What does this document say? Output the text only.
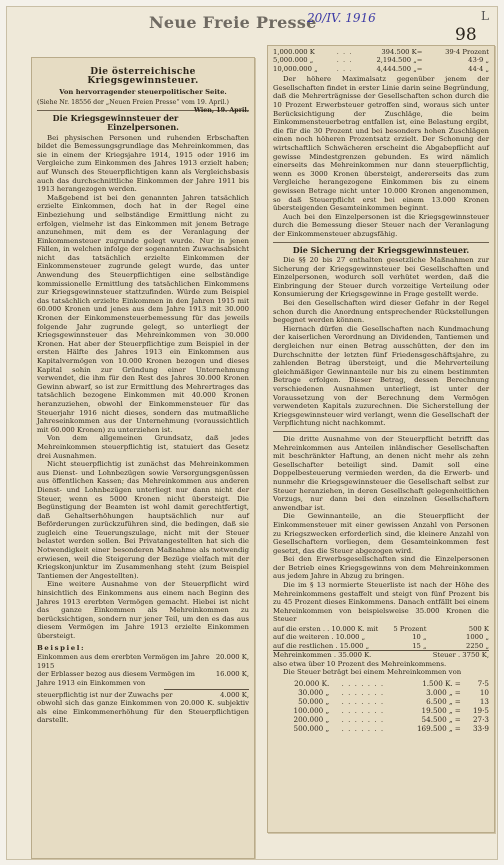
Neue Freie Presse
20/IV. 1916
98
L
Die österreichische Kriegsgewinnsteuer.
Von hervorragender steuerpolitischer Seite.
(Siehe Nr. 18556 der „Neuen Freien Presse“ vom 19. April.)
Wien, 19. April.
Die Kriegsgewinnsteuer der Einzelpersonen.

Bei physischen Personen und ruhenden Erbschaften bildet die Bemessungsgrundlage das Mehreinkommen, das sie in einem der Kriegsjahre 1914, 1915 oder 1916 im Vergleiche zum Einkommen des Jahres 1913 erzielt haben; auf Wunsch des Steuerpflichtigen kann als Vergleichsbasis auch das durchschnittliche Einkommen der Jahre 1911 bis 1913 herangezogen werden.

Maßgebend ist bei den genannten Jahren tatsächlich erzielte Einkommen, doch hat in der Regel eine Einbeziehung und selbständige Ermittlung nicht zu erfolgen, vielmehr ist das Einkommen mit jenem Betrage anzunehmen, mit dem es der Veranlagung der Einkommensteuer zugrunde gelegt wurde. Nur in jenen Fällen, in welchen infolge der sogenannten Zuwachsabsicht nicht das tatsächlich erzielte Einkommen der Einkommensteuer zugrunde gelegt wurde, das unter Anwendung des Steuerpflichtigen eine selbständige kommissionelle Ermittlung des tatsächlichen Einkommens zur Kriegsgewinnsteuer stattzufinden. Würde zum Beispiel das tatsächlich erzielte Einkommen in den Jahren 1915 mit 60.000 Kronen und jenes aus dem Jahre 1913 mit 30.000 Kronen der Einkommensteuerbemessung für das jeweils folgende Jahr zugrunde gelegt, so unterliegt der Kriegsgewinnsteuer das Mehreinkommen von 30.000 Kronen. Hat aber der Steuerpflichtige zum Beispiel in der ersten Hälfte des Jahres 1913 ein Einkommen aus Kapitalvermögen von 10.000 Kronen bezogen und dieses Kapital sohin zur Gründung einer Unternehmung verwendet, die ihm für den Rest des Jahres 30.000 Kronen Gewinn abwarf, so ist zur Ermittlung des Mehrertrages das tatsächlich bezogene Einkommen mit 40.000 Kronen heranzuziehen, obwohl der Einkommensteuer für das Steuerjahr 1916 nicht dieses, sondern das mutmaßliche Jahreseinkommen aus der Unternehmung (voraussichtlich mit 60.000 Kronen) zu unterziehen ist.

Von dem allgemeinen Grundsatz, daß jedes Mehreinkommen steuerpflichtig ist, statuiert das Gesetz drei Ausnahmen.

Nicht steuerpflichtig ist zunächst das Mehreinkommen aus Dienst- und Lohnbezügen sowie Versorgungsgenüssen aus öffentlichen Kassen; das Mehreinkommen aus anderen Dienst- und Lohnbezügen unterliegt nur dann nicht der Steuer, wenn es 5000 Kronen nicht übersteigt. Die Begünstigung der Beamten ist wohl damit gerechtfertigt, daß Gehaltserhöhungen hauptsächlich nur auf Beförderungen zurückzuführen sind, die bedingen, daß sie zugleich eine Teuerungszulage, nicht mit der Steuer belastet werden sollen. Bei Privatangestellten hat sich die Notwendigkeit einer besonderen Maßnahme als notwendig erwiesen, weil die Steigerung der Bezüge vielfach mit der Kriegskonjunktur im Zusammenhang steht (zum Beispiel Tantiemen der Angestellten).

Eine weitere Ausnahme von der Steuerpflicht wird hinsichtlich des Einkommens aus einem nach Beginn des Jahres 1913 ererbten Vermögen gemacht. Hiebei ist nicht das ganze Einkommen als Mehreinkommen zu berücksichtigen, sondern nur jener Teil, um den es das aus diesem Vermögen im Jahre 1913 erzielte Einkommen übersteigt.

Beispiel:
Einkommen aus dem ererbten Vermögen im Jahre 1915
20.000 K,
der Erblasser bezog aus diesem Vermögen im Jahre 1913 ein Einkommen von
16.000 K,
steuerpflichtig ist nur der Zuwachs per	4.000 K,

obwohl sich das ganze Einkommen von 20.000 K. subjektiv als eine Einkommenerhöhung für den Steuerpflichtigen darstellt.

1,000.000 K	. . .	394.500 K	=	39·4 Prozent
5,000.000 „	. . .	2,194.500 „	=	43·9 „
10,000.000 „	. . .	4,444.500 „	=	44·4 „

Der höhere Maximalsatz gegenüber jenem der Gesellschaften findet in erster Linie darin seine Begründung, daß die Mehrerträgnisse der Gesellschaften schon durch die 10 Prozent Erwerbsteuer getroffen sind, woraus sich unter Berücksichtigung der Zuschläge, die beim Einkommensteuerbetrag entfallen ist, eine Belastung ergibt, die für die 30 Prozent und bei besonders hohen Zuschlägen einen noch höheren Prozentsatz erzielt. Der Schonung der wirtschaftlich Schwächeren erscheint die Abgabepflicht auf gewisse Mindestgrenzen gebunden. Es wird nämlich einerseits das Mehreinkommen nur dann steuerpflichtig, wenn es 3000 Kronen übersteigt, andererseits das zum Vergleiche herangezogene Einkommen bis zu einem gewissen Betrage nicht unter 10.000 Kronen angenommen, so daß Steuerpflicht erst bei einem 13.000 Kronen übersteigenden Gesamteinkommen beginnt.

Auch bei den Einzelpersonen ist die Kriegsgewinnsteuer durch die Bemessung dieser Steuer nach der Veranlagung der Einkommensteuer abzugsfähig.

Die Sicherung der Kriegsgewinnsteuer.

Die §§ 20 bis 27 enthalten gesetzliche Maßnahmen zur Sicherung der Kriegsgewinnsteuer bei Gesellschaften und Einzelpersonen, wodurch soll verhütet werden, daß die Einbringung der Steuer durch vorzeitige Verteilung oder Konsumierung der Kriegsgewinne in Frage gestellt werde.

Bei den Gesellschaften wird dieser Gefahr in der Regel schon durch die Anordnung entsprechender Rückstellungen begegnet werden können.

Hiernach dürfen die Gesellschaften nach Kundmachung der kaiserlichen Verordnung an Dividenden, Tantiemen und dergleichen nur einen Betrag ausschütten, der den im Durchschnitte der letzten fünf Friedensgeschäftsjahre, zu zahlenden Betrag übersteigt, und die Mehrverteilung gleichmäßiger Gewinnanteile nur bis zu einem bestimmten Betrage erfolgen. Dieser Betrag, dessen Berechnung verschiedenen Ausnahmen unterliegt, ist unter der Voraussetzung von der Berechnung dem Vermögen verwendeten Kapitals zuzurechnen. Die Sicherstellung der Kriegsgewinnsteuer wird verlangt, wenn die Gesellschaft der Verpflichtung nicht nachkommt.

Die dritte Ausnahme von der Steuerpflicht betrifft das Mehreinkommen aus Anteilen inländischer Gesellschaften mit beschränkter Haftung, an denen nicht mehr als zehn Gesellschafter beteiligt sind. Damit soll eine Doppelbesteuerung vermieden werden, da die Erwerb- und nunmehr die Kriegsgewinnsteuer die Gesellschaft selbst zur Steuer heranziehen, in deren Gesellschaft gelegenheitlichen Vorzugs, nur dann bei den einzelnen Gesellschaftern anwendbar ist.

Die Gewinnanteile, an die Steuerpflicht der Einkommensteuer mit einer gewissen Anzahl von Personen zu Kriegszwecken erforderlich sind, die kleinere Anzahl von Gesellschaftern vorliegen, dem Gesamteinkommen fest gesetzt, das die Steuer abgezogen wird.

Bei den Erwerbsgesellschaften sind die Einzelpersonen der Betrieb eines Kriegsgewinns von dem Mehreinkommen aus jedem Jahre in Abzug zu bringen.

Die im § 13 normierte Steuerliste ist nach der Höhe des Mehreinkommens gestaffelt und steigt von fünf Prozent bis zu 45 Prozent dieses Einkommens. Danach entfällt bei einem Mehreinkommen von beispielsweise 35.000 Kronen die Steuer

auf die ersten . . 10.000 K. mit	5 Prozent	500 K
auf die weiteren . 10.000 „	10 „	1000 „
auf die restlichen . 15.000 „	15 „	2250 „

Mehreinkommen . 35.000 K.		Steuer . 3750 K,

also etwa über 10 Prozent des Mehreinkommens.

Die Steuer beträgt bei einem Mehreinkommen von

20.000 K.	. . . . . . .	1.500 K.	=	7·5
30.000 „	. . . . . . .	3.000 „	=	10
50.000 „	. . . . . . .	6.500 „	=	13
100.000 „	. . . . . . .	19.500 „	=	19·5
200.000 „	. . . . . . .	54.500 „	=	27·3
500.000 „	. . . . . . .	169.500 „	=	33·9
